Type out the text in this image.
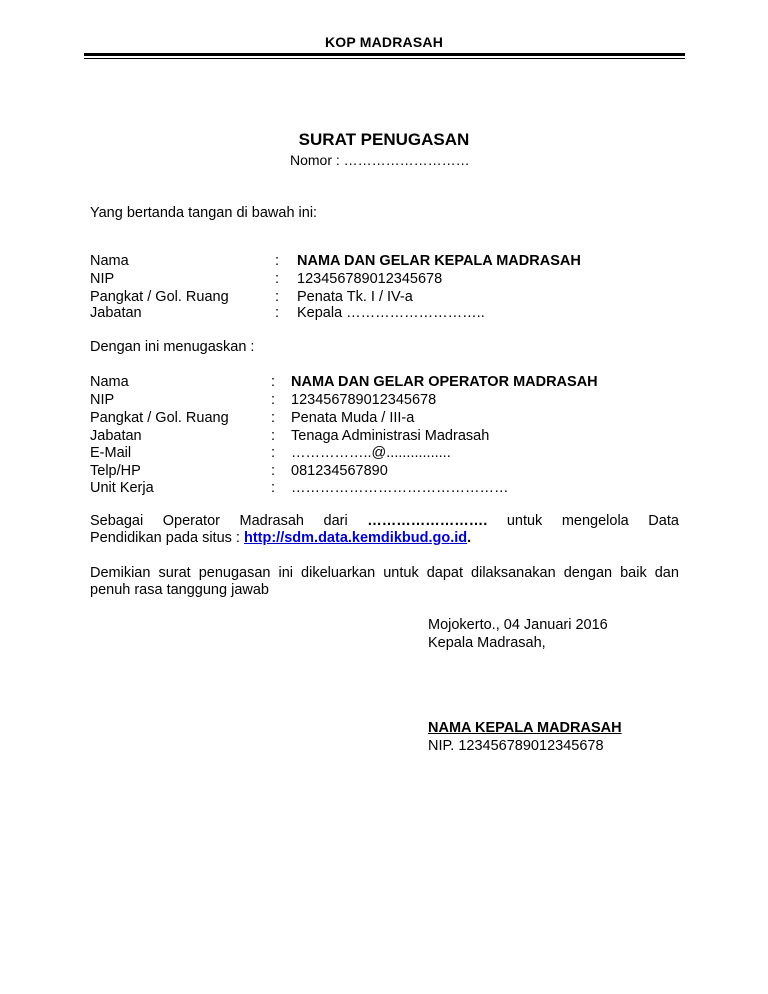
KOP MADRASAH
SURAT PENUGASAN
Nomor : ………………………
Yang bertanda tangan di bawah ini:
Nama	: NAMA DAN GELAR KEPALA MADRASAH
NIP	: 123456789012345678
Pangkat / Gol. Ruang	: Penata Tk. I / IV-a
Jabatan	: Kepala ………………………..
Dengan ini menugaskan :
Nama	: NAMA DAN GELAR OPERATOR MADRASAH
NIP	: 123456789012345678
Pangkat / Gol. Ruang	: Penata Muda / III-a
Jabatan	: Tenaga Administrasi Madrasah
E-Mail	: ……………..@................
Telp/HP	: 081234567890
Unit Kerja	: ………………………………………
Sebagai Operator Madrasah dari ……………………. untuk mengelola Data
Pendidikan pada situs : http://sdm.data.kemdikbud.go.id.
Demikian surat penugasan ini dikeluarkan untuk dapat dilaksanakan dengan baik dan
penuh rasa tanggung jawab
Mojokerto., 04 Januari 2016
Kepala Madrasah,
NAMA KEPALA MADRASAH
NIP. 123456789012345678
